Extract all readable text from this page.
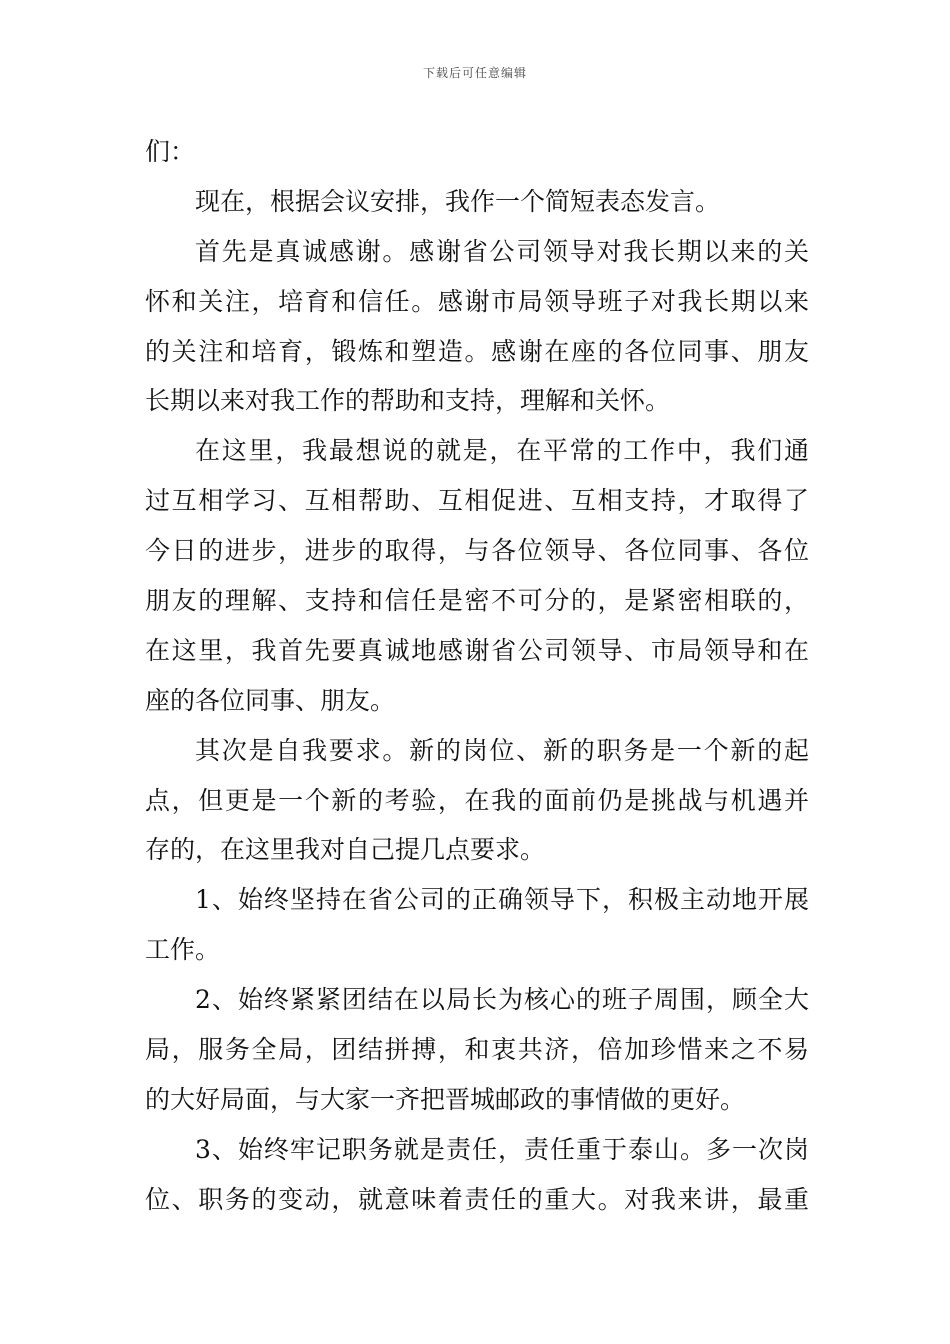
下载后可任意编辑
们：
现在，根据会议安排，我作一个简短表态发言。
首先是真诚感谢。感谢省公司领导对我长期以来的关
怀和关注，培育和信任。感谢市局领导班子对我长期以来
的关注和培育，锻炼和塑造。感谢在座的各位同事、朋友
长期以来对我工作的帮助和支持，理解和关怀。
在这里，我最想说的就是，在平常的工作中，我们通
过互相学习、互相帮助、互相促进、互相支持，才取得了
今日的进步，进步的取得，与各位领导、各位同事、各位
朋友的理解、支持和信任是密不可分的，是紧密相联的，
在这里，我首先要真诚地感谢省公司领导、市局领导和在
座的各位同事、朋友。
其次是自我要求。新的岗位、新的职务是一个新的起
点，但更是一个新的考验，在我的面前仍是挑战与机遇并
存的，在这里我对自己提几点要求。
1、始终坚持在省公司的正确领导下，积极主动地开展
工作。
2、始终紧紧团结在以局长为核心的班子周围，顾全大
局，服务全局，团结拼搏，和衷共济，倍加珍惜来之不易
的大好局面，与大家一齐把晋城邮政的事情做的更好。
3、始终牢记职务就是责任，责任重于泰山。多一次岗
位、职务的变动，就意味着责任的重大。对我来讲，最重
